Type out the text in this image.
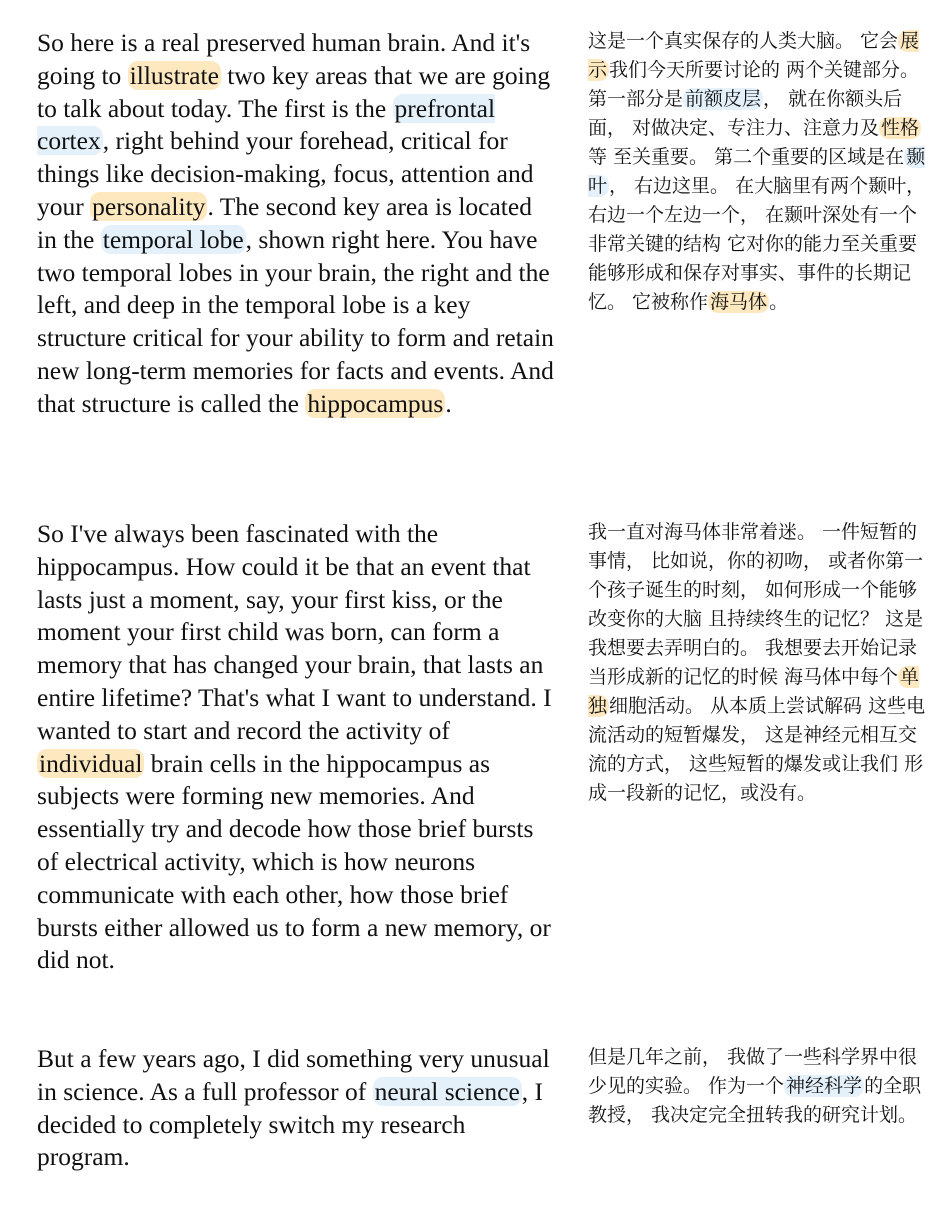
So here is a real preserved human brain. And it's going to illustrate two key areas that we are going to talk about today. The first is the prefrontal cortex, right behind your forehead, critical for things like decision-making, focus, attention and your personality. The second key area is located in the temporal lobe, shown right here. You have two temporal lobes in your brain, the right and the left, and deep in the temporal lobe is a key structure critical for your ability to form and retain new long-term memories for facts and events. And that structure is called the hippocampus.

这是一个真实保存的人类大脑。 它会 展示 我们今天所要讨论的 两个关键部分。 第一部分是 前额皮层 ， 就在你额头后面， 对做决定、专注力、注意力及 性格等 至关重要。 第二个重要的区域是在 颞叶 ， 右边这里。 在大脑里有两个颞叶， 右边一个左边一个， 在颞叶深处有一个非常关键的结构 它对你的能力至关重要 能够形成和保存对事实、事件的长期记忆。 它被称作 海马体 。

So I've always been fascinated with the hippocampus. How could it be that an event that lasts just a moment, say, your first kiss, or the moment your first child was born, can form a memory that has changed your brain, that lasts an entire lifetime? That's what I want to understand. I wanted to start and record the activity of individual brain cells in the hippocampus as subjects were forming new memories. And essentially try and decode how those brief bursts of electrical activity, which is how neurons communicate with each other, how those brief bursts either allowed us to form a new memory, or did not.

我一直对海马体非常着迷。 一件短暂的事情， 比如说，你的初吻， 或者你第一个孩子诞生的时刻， 如何形成一个能够改变你的大脑 且持续终生的记忆？ 这是我想要去弄明白的。 我想要去开始记录 当形成新的记忆的时候 海马体中每个 单独 细胞活动。 从本质上尝试解码 这些电流活动的短暂爆发， 这是神经元相互交流的方式， 这些短暂的爆发或让我们 形成一段新的记忆，或没有。

But a few years ago, I did something very unusual in science. As a full professor of neural science, I decided to completely switch my research program.

但是几年之前， 我做了一些科学界中很少见的实验。 作为一个 神经科学 的全职教授， 我决定完全扭转我的研究计划。
